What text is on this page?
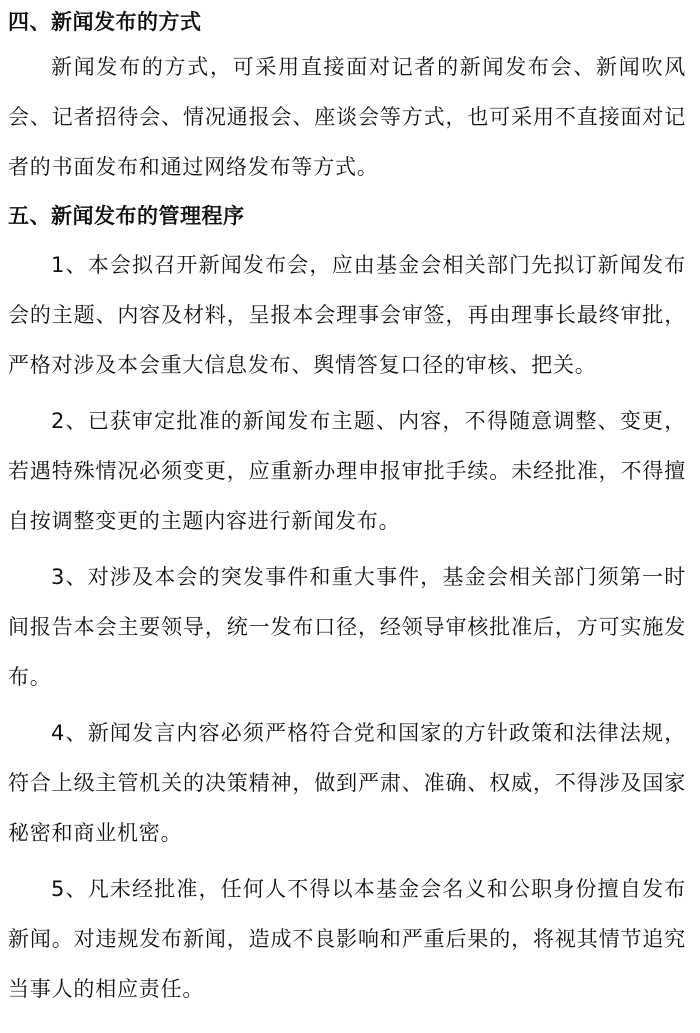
四、新闻发布的方式

新闻发布的方式，可采用直接面对记者的新闻发布会、新闻吹风会、记者招待会、情况通报会、座谈会等方式，也可采用不直接面对记者的书面发布和通过网络发布等方式。

五、新闻发布的管理程序

1、本会拟召开新闻发布会，应由基金会相关部门先拟订新闻发布会的主题、内容及材料，呈报本会理事会审签，再由理事长最终审批，严格对涉及本会重大信息发布、舆情答复口径的审核、把关。

2、已获审定批准的新闻发布主题、内容，不得随意调整、变更，若遇特殊情况必须变更，应重新办理申报审批手续。未经批准，不得擅自按调整变更的主题内容进行新闻发布。

3、对涉及本会的突发事件和重大事件，基金会相关部门须第一时间报告本会主要领导，统一发布口径，经领导审核批准后，方可实施发布。

4、新闻发言内容必须严格符合党和国家的方针政策和法律法规，符合上级主管机关的决策精神，做到严肃、准确、权威，不得涉及国家秘密和商业机密。

5、凡未经批准，任何人不得以本基金会名义和公职身份擅自发布新闻。对违规发布新闻，造成不良影响和严重后果的，将视其情节追究当事人的相应责任。
